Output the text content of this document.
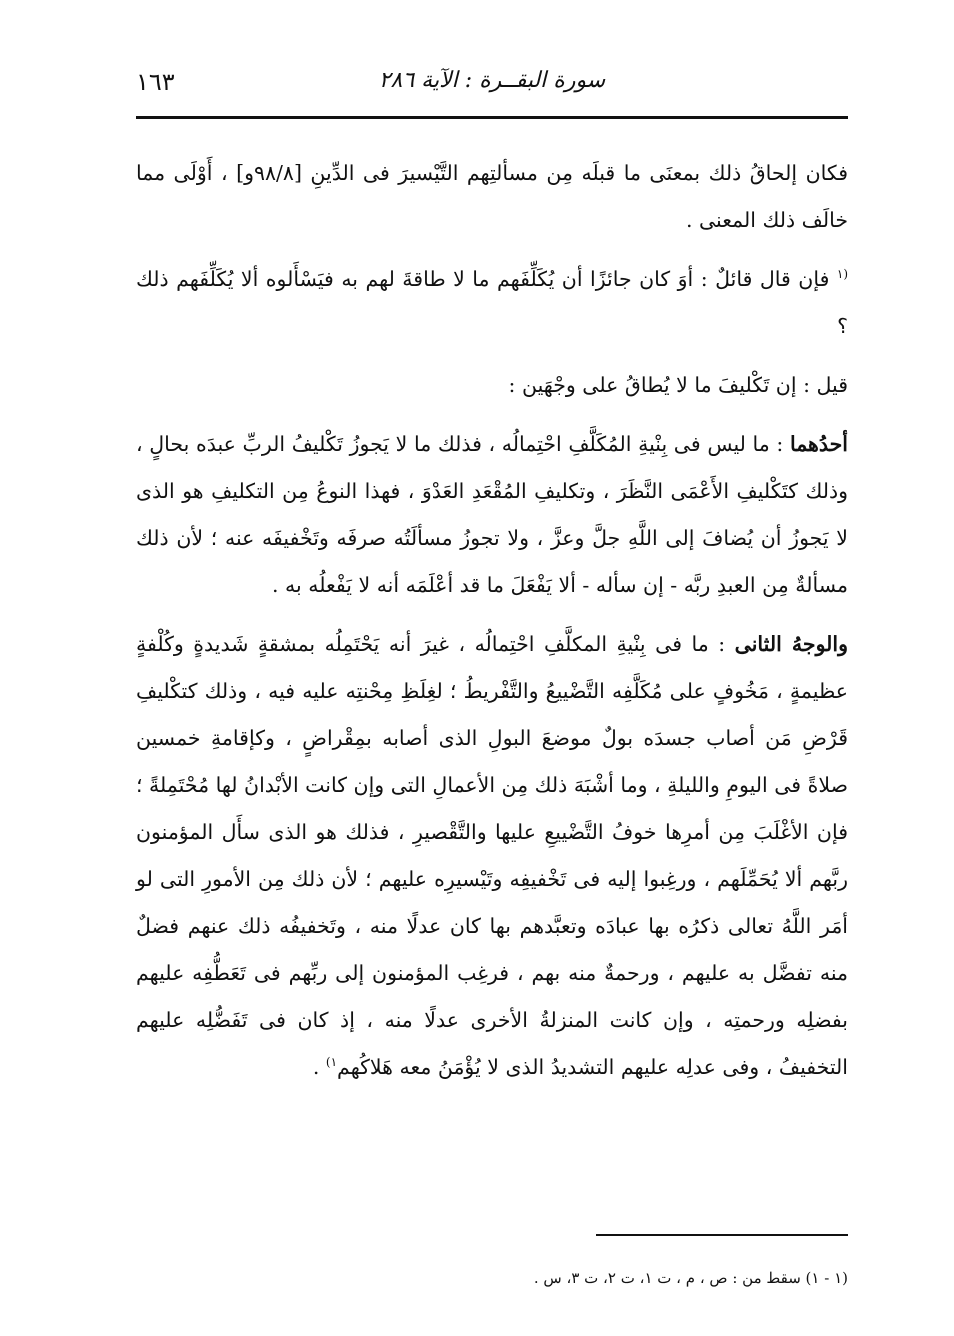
١٦٣	سورة البقــرة : الآية ٢٨٦

فكان إلحاقُ ذلك بمعنَى ما قبلَه مِن مسألتِهم التَّيْسيرَ فى الدِّينِ [٩٨/٨و] ، أَوْلَى مما خالَف ذلك المعنى .

$^{(١}$ فإن قال قائلٌ : أوَ كان جائزًا أن يُكَلِّفَهم ما لا طاقةَ لهم به فيَسْأَلوه ألا يُكَلِّفَهم ذلك ؟

قيل : إن تَكْليفَ ما لا يُطاقُ على وجْهَين :

أحدُهما : ما ليس فى بِنْيةِ المُكَلَّفِ احْتِمالُه ، فذلك ما لا يَجوزُ تَكْليفُ الربِّ عبدَه بحالٍ ، وذلك كتَكْليفِ الأَعْمَى النَّظَرَ ، وتكليفِ المُقْعَدِ العَدْوَ ، فهذا النوعُ مِن التكليفِ هو الذى لا يَجوزُ أن يُضافَ إلى اللَّهِ جلَّ وعزَّ ، ولا تجوزُ مسألَتُه صرفَه وتَخْفيفَه عنه ؛ لأن ذلك مسألةٌ مِن العبدِ ربَّه - إن سأله - ألا يَفْعَلَ ما قد أعْلَمَه أنه لا يَفْعلُه به .

والوجهُ الثانى : ما فى بِنْيةِ المكلَّفِ احْتِمالُه ، غيرَ أنه يَحْتَمِلُه بمشقةٍ شَديدةٍ وكُلْفةٍ عظيمةٍ ، مَخُوفٍ على مُكَلَّفِه التَّضْييعُ والتَّفْريطُ ؛ لغِلَظِ مِحْنتِه عليه فيه ، وذلك كتكْليفِ قَرْضِ مَن أصاب جسدَه بولٌ موضعَ البولِ الذى أصابه بمِقْراضٍ ، وكإقامةِ خمسين صلاةً فى اليومِ والليلةِ ، وما أشْبَهَ ذلك مِن الأعمالِ التى وإن كانت الأبْدانُ لها مُحْتَمِلةً ؛ فإن الأغْلَبَ مِن أمرِها خوفُ التَّضْييعِ عليها والتَّقْصيرِ ، فذلك هو الذى سأَل المؤمنون ربَّهم ألا يُحَمِّلَهم ، ورغِبوا إليه فى تَخْفيفِه وتَيْسيرِه عليهم ؛ لأن ذلك مِن الأمورِ التى لو أمَر اللَّهُ تعالى ذكرُه بها عبادَه وتعبَّدهم بها كان عدلًا منه ، وتَخفيفُه ذلك عنهم فضلٌ منه تفضَّل به عليهم ، ورحمةٌ منه بهم ، فرغِب المؤمنون إلى ربِّهم فى تَعَطُّفِه عليهم بفضلِه ورحمتِه ، وإن كانت المنزلةُ الأخرى عدلًا منه ، إذ كان فى تَفَضُّلِه عليهم التخفيفُ ، وفى عدلِه عليهم التشديدُ الذى لا يُؤْمَنُ معه هَلاكُهم$^{١)}$ .

(١ - ١) سقط من : ص ، م ، ت ١، ت ٢، ت ٣، س .
